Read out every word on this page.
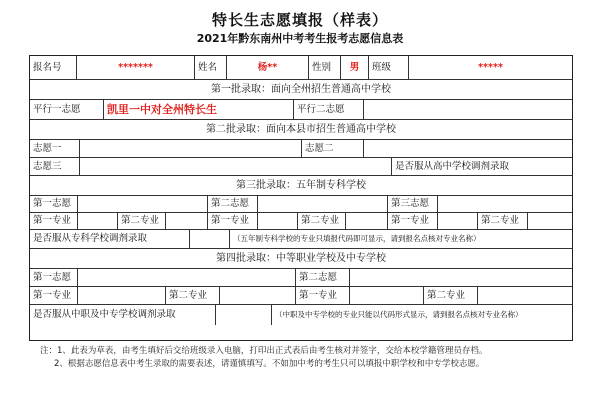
特长生志愿填报（样表）
2021年黔东南州中考考生报考志愿信息表
报名号	*******	姓名	杨**	性别	男	班级	*****
第一批录取：面向全州招生普通高中学校
平行一志愿	凯里一中对全州特长生	平行二志愿
第二批录取：面向本县市招生普通高中学校
志愿一	志愿二
志愿三	是否服从高中学校调剂录取
第三批录取：五年制专科学校
第一志愿	第二志愿	第三志愿
第一专业	第二专业	第一专业	第二专业	第一专业	第二专业
是否服从专科学校调剂录取	（五年制专科学校的专业只填报代码即可显示，请到报名点核对专业名称）
第四批录取：中等职业学校及中专学校
第一志愿	第二志愿
第一专业	第二专业	第一专业	第二专业
是否服从中职及中专学校调剂录取	（中职及中专学校的专业只能以代码形式显示，请到报名点核对专业名称）
注：1、此表为草表，由考生填好后交给班级录入电脑，打印出正式表后由考生核对并签字，交给本校学籍管理员存档。
2、根据志愿信息表中考生录取的需要表述，请谨慎填写。不如加中考的考生只可以填报中职学校和中专学校志愿。
